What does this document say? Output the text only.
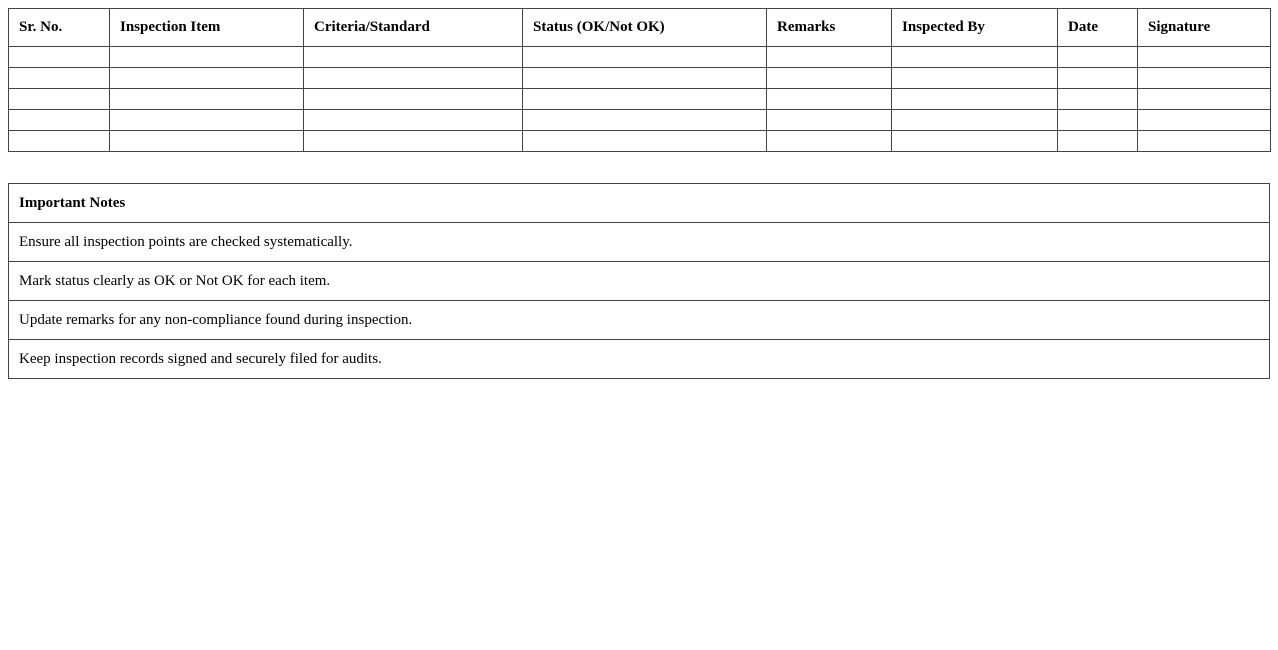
Sr. No.	Inspection Item	Criteria/Standard	Status (OK/Not OK)	Remarks	Inspected By	Date	Signature

Important Notes
Ensure all inspection points are checked systematically.
Mark status clearly as OK or Not OK for each item.
Update remarks for any non-compliance found during inspection.
Keep inspection records signed and securely filed for audits.
